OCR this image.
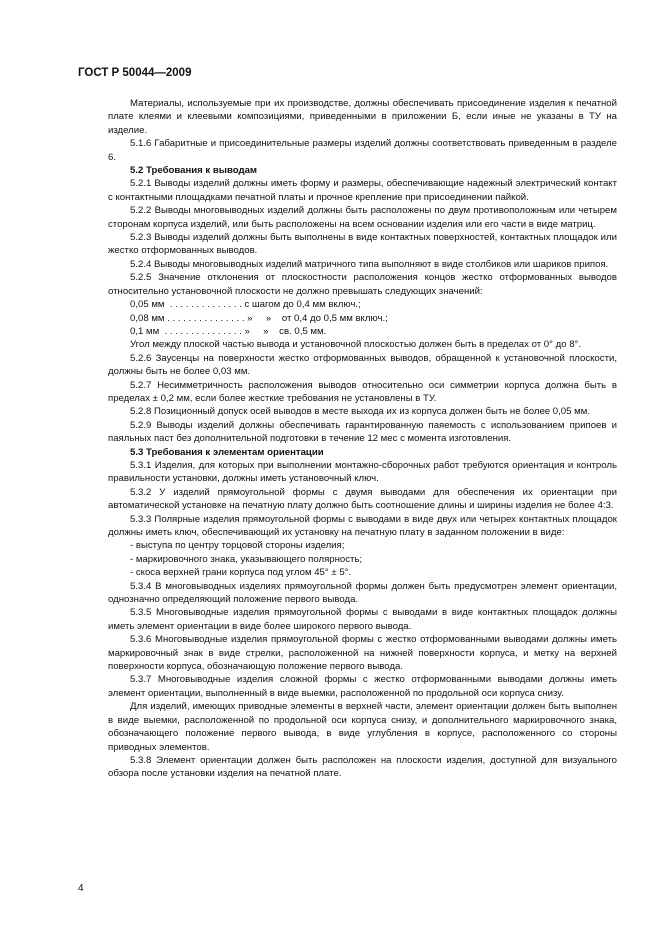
ГОСТ Р 50044—2009

Материалы, используемые при их производстве, должны обеспечивать присоединение изделия к печатной плате клеями и клеевыми композициями, приведенными в приложении Б, если иные не указаны в ТУ на изделие.

5.1.6 Габаритные и присоединительные размеры изделий должны соответствовать приведенным в разделе 6.

5.2 Требования к выводам

5.2.1 Выводы изделий должны иметь форму и размеры, обеспечивающие надежный электрический контакт с контактными площадками печатной платы и прочное крепление при присоединении пайкой.

5.2.2 Выводы многовыводных изделий должны быть расположены по двум противоположным или четырем сторонам корпуса изделий, или быть расположены на всем основании изделия или его части в виде матриц.

5.2.3 Выводы изделий должны быть выполнены в виде контактных поверхностей, контактных площадок или жестко отформованных выводов.

5.2.4 Выводы многовыводных изделий матричного типа выполняют в виде столбиков или шариков припоя.

5.2.5 Значение отклонения от плоскостности расположения концов жестко отформованных выводов относительно установочной плоскости не должно превышать следующих значений:

0,05 мм  . . . . . . . . . . . . . . с шагом до 0,4 мм включ.;

0,08 мм . . . . . . . . . . . . . . . »     »    от 0,4 до 0,5 мм включ.;

0,1 мм  . . . . . . . . . . . . . . . »     »    св. 0,5 мм.

Угол между плоской частью вывода и установочной плоскостью должен быть в пределах от 0° до 8°.

5.2.6 Заусенцы на поверхности жестко отформованных выводов, обращенной к установочной плоскости, должны быть не более 0,03 мм.

5.2.7 Несимметричность расположения выводов относительно оси симметрии корпуса должна быть в пределах ± 0,2 мм, если более жесткие требования не установлены в ТУ.

5.2.8 Позиционный допуск осей выводов в месте выхода их из корпуса должен быть не более 0,05 мм.

5.2.9 Выводы изделий должны обеспечивать гарантированную паяемость с использованием припоев и паяльных паст без дополнительной подготовки в течение 12 мес с момента изготовления.

5.3 Требования к элементам ориентации

5.3.1 Изделия, для которых при выполнении монтажно-сборочных работ требуются ориентация и контроль правильности установки, должны иметь установочный ключ.

5.3.2 У изделий прямоугольной формы с двумя выводами для обеспечения их ориентации при автоматической установке на печатную плату должно быть соотношение длины и ширины изделия не более 4:3.

5.3.3 Полярные изделия прямоугольной формы с выводами в виде двух или четырех контактных площадок должны иметь ключ, обеспечивающий их установку на печатную плату в заданном положении в виде:

- выступа по центру торцовой стороны изделия;

- маркировочного знака, указывающего полярность;

- скоса верхней грани корпуса под углом 45° ± 5°.

5.3.4 В многовыводных изделиях прямоугольной формы должен быть предусмотрен элемент ориентации, однозначно определяющий положение первого вывода.

5.3.5 Многовыводные изделия прямоугольной формы с выводами в виде контактных площадок должны иметь элемент ориентации в виде более широкого первого вывода.

5.3.6 Многовыводные изделия прямоугольной формы с жестко отформованными выводами должны иметь маркировочный знак в виде стрелки, расположенной на нижней поверхности корпуса, и метку на верхней поверхности корпуса, обозначающую положение первого вывода.

5.3.7 Многовыводные изделия сложной формы с жестко отформованными выводами должны иметь элемент ориентации, выполненный в виде выемки, расположенной по продольной оси корпуса снизу.

Для изделий, имеющих приводные элементы в верхней части, элемент ориентации должен быть выполнен в виде выемки, расположенной по продольной оси корпуса снизу, и дополнительного маркировочного знака, обозначающего положение первого вывода, в виде углубления в корпусе, расположенного со стороны приводных элементов.

5.3.8 Элемент ориентации должен быть расположен на плоскости изделия, доступной для визуального обзора после установки изделия на печатной плате.

4
